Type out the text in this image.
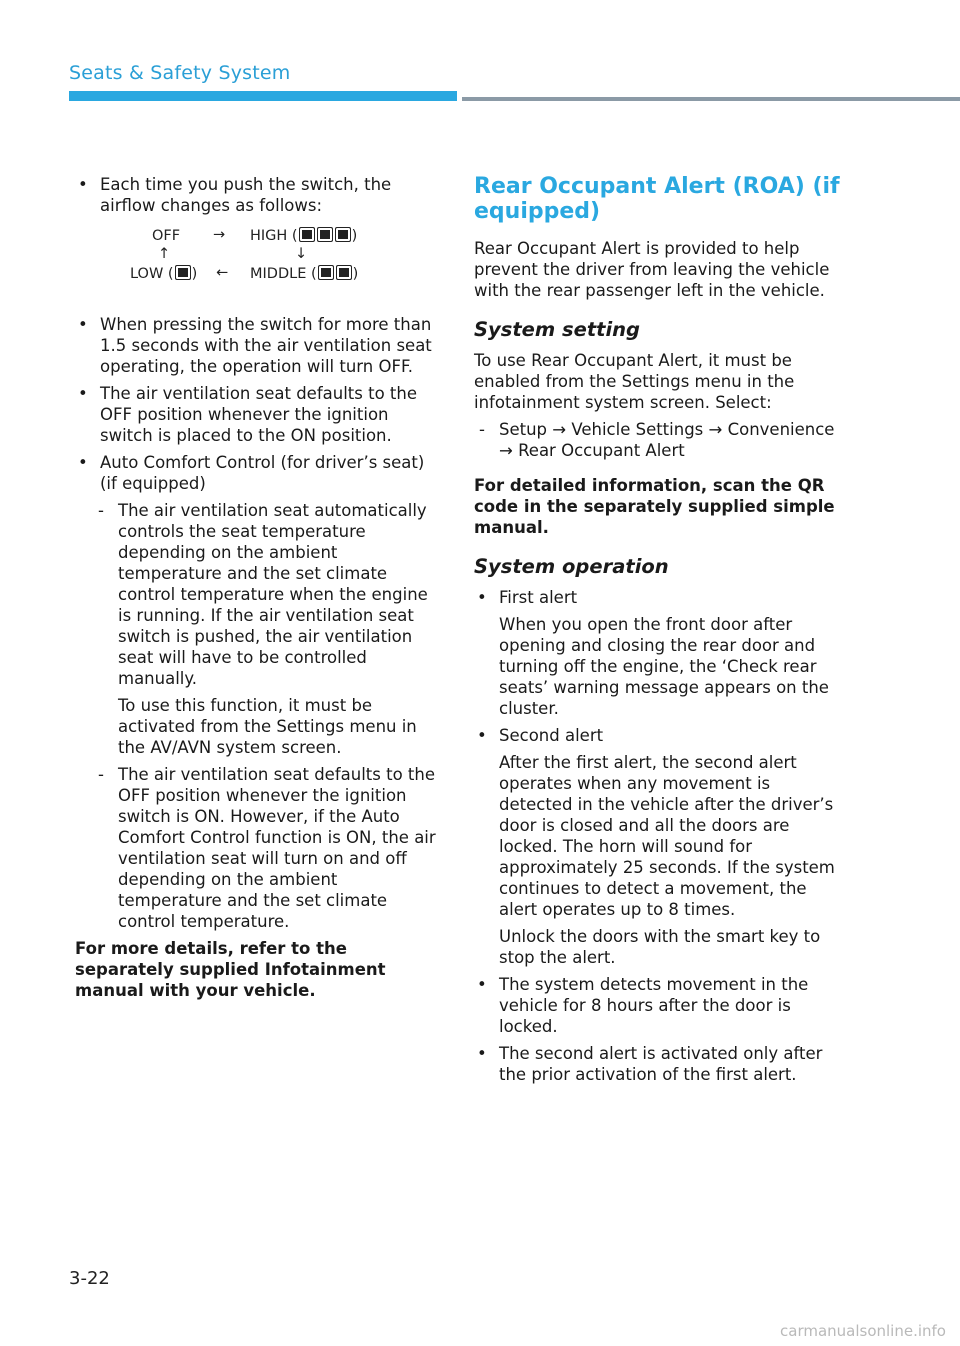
Seats & Safety System
• Each time you push the switch, the airflow changes as follows:
OFF → HIGH (	)
↑	↓
LOW ( ) ← MIDDLE ( )
• When pressing the switch for more than 1.5 seconds with the air ventilation seat operating, the operation will turn OFF.
• The air ventilation seat defaults to the OFF position whenever the ignition switch is placed to the ON position.
• Auto Comfort Control (for driver’s seat) (if equipped)
- The air ventilation seat automatically controls the seat temperature depending on the ambient temperature and the set climate control temperature when the engine is running. If the air ventilation seat switch is pushed, the air ventilation seat will have to be controlled manually.

To use this function, it must be activated from the Settings menu in the AV/AVN system screen.

- The air ventilation seat defaults to the OFF position whenever the ignition switch is ON. However, if the Auto Comfort Control function is ON, the air ventilation seat will turn on and off depending on the ambient temperature and the set climate control temperature.

For more details, refer to the separately supplied Infotainment manual with your vehicle.

Rear Occupant Alert (ROA) (if equipped)

Rear Occupant Alert is provided to help prevent the driver from leaving the vehicle with the rear passenger left in the vehicle.

System setting

To use Rear Occupant Alert, it must be enabled from the Settings menu in the infotainment system screen. Select:

- Setup → Vehicle Settings → Convenience → Rear Occupant Alert

For detailed information, scan the QR code in the separately supplied simple manual.

System operation
• First alert

When you open the front door after opening and closing the rear door and turning off the engine, the ‘Check rear seats’ warning message appears on the cluster.

• Second alert

After the first alert, the second alert operates when any movement is detected in the vehicle after the driver’s door is closed and all the doors are locked. The horn will sound for approximately 25 seconds. If the system continues to detect a movement, the alert operates up to 8 times.

Unlock the doors with the smart key to stop the alert.

• The system detects movement in the vehicle for 8 hours after the door is locked.
• The second alert is activated only after the prior activation of the first alert.
3-22
carmanualsonline.info
